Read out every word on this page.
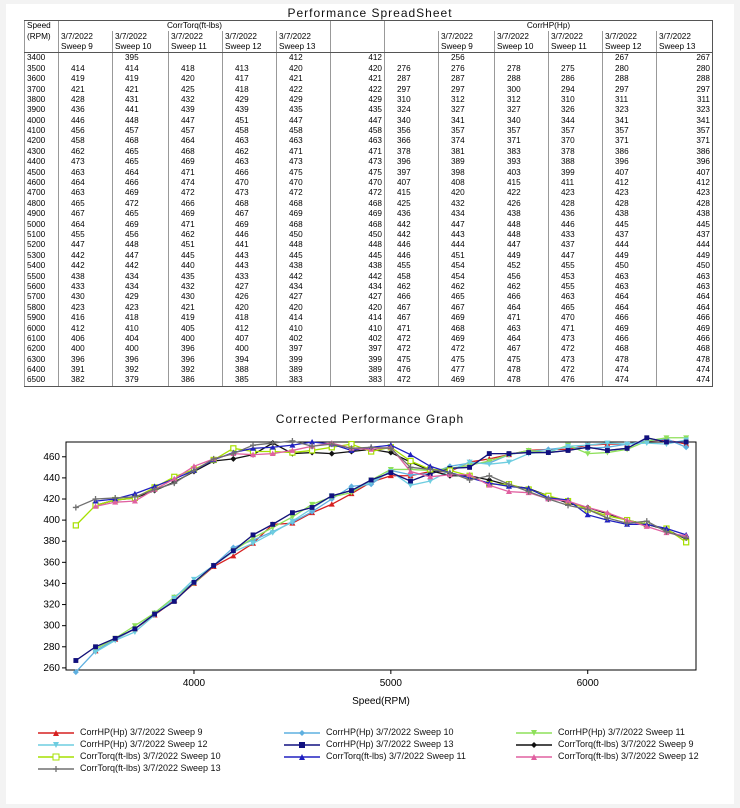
Performance SpreadSheet
Speed	CorrTorq(ft-lbs)						CorrHP(Hp)					
(RPM)	3/7/2022	3/7/2022	3/7/2022	3/7/2022	3/7/2022			3/7/2022	3/7/2022	3/7/2022	3/7/2022	3/7/2022
	Sweep 9	Sweep 10	Sweep 11	Sweep 12	Sweep 13			Sweep 9	Sweep 10	Sweep 11	Sweep 12	Sweep 13
3400		395			412	412		256			267	267
3500	414	414	418	413	420	420	276	276	278	275	280	280
3600	419	419	420	417	421	421	287	287	288	286	288	288
3700	421	421	425	418	422	422	297	297	300	294	297	297
3800	428	431	432	429	429	429	310	312	312	310	311	311
3900	436	441	439	439	435	435	324	327	327	326	323	323
4000	446	448	447	451	447	447	340	341	340	344	341	341
4100	456	457	457	458	458	458	356	357	357	357	357	357
4200	458	468	464	463	463	463	366	374	371	370	371	371
4300	462	465	468	462	471	471	378	381	383	378	386	386
4400	473	465	469	463	473	473	396	389	393	388	396	396
4500	463	464	471	466	475	475	397	398	403	399	407	407
4600	464	466	474	470	470	470	407	408	415	411	412	412
4700	463	469	472	473	472	472	415	420	422	423	423	423
4800	465	472	466	468	468	468	425	432	426	428	428	428
4900	467	465	469	467	469	469	436	434	438	436	438	438
5000	464	469	471	469	468	468	442	447	448	446	445	445
5100	455	456	462	446	450	450	442	443	448	433	437	437
5200	447	448	451	441	448	448	446	444	447	437	444	444
5300	442	447	445	443	445	445	446	451	449	447	449	449
5400	442	442	440	443	438	438	455	454	452	455	450	450
5500	438	434	435	433	442	442	458	454	456	453	463	463
5600	433	434	432	427	434	434	462	462	462	455	463	463
5700	430	429	430	426	427	427	466	465	466	463	464	464
5800	423	423	421	420	420	420	467	467	464	465	464	464
5900	416	418	419	418	414	414	467	469	471	470	466	466
6000	412	410	405	412	410	410	471	468	463	471	469	469
6100	406	404	400	407	402	402	472	469	464	473	466	466
6200	400	400	396	400	397	397	472	472	467	472	468	468
6300	396	396	396	394	399	399	475	475	475	473	478	478
6400	391	392	392	388	389	389	476	477	478	472	474	474
6500	382	379	386	385	383	383	472	469	478	476	474	474
Corrected Performance Graph
260
280
300
320
340
360
380
400
420
440
460
4000	5000	6000
Speed(RPM)
CorrHP(Hp) 3/7/2022 Sweep 9	CorrHP(Hp) 3/7/2022 Sweep 10	CorrHP(Hp) 3/7/2022 Sweep 11
CorrHP(Hp) 3/7/2022 Sweep 12	CorrHP(Hp) 3/7/2022 Sweep 13	CorrTorq(ft-lbs) 3/7/2022 Sweep 9
CorrTorq(ft-lbs) 3/7/2022 Sweep 10	CorrTorq(ft-lbs) 3/7/2022 Sweep 11	CorrTorq(ft-lbs) 3/7/2022 Sweep 12
CorrTorq(ft-lbs) 3/7/2022 Sweep 13
